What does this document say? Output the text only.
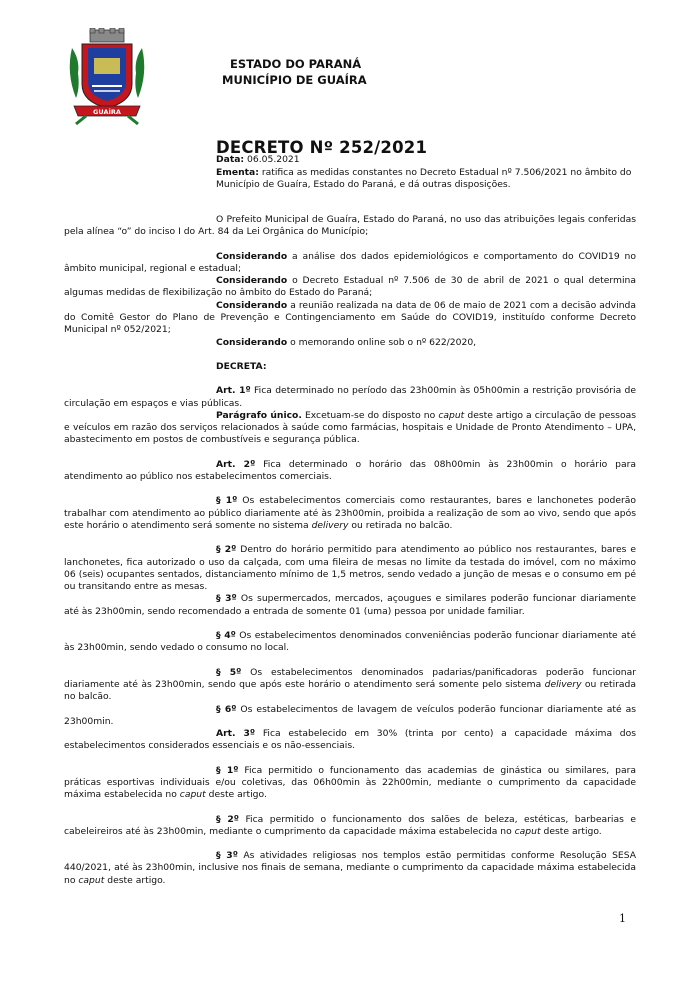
GUAÍRA
ESTADO DO PARANÁ
MUNICÍPIO DE GUAÍRA
DECRETO Nº 252/2021
Data: 06.05.2021
Ementa: ratifica as medidas constantes no Decreto Estadual nº 7.506/2021 no âmbito do Município de Guaíra, Estado do Paraná, e dá outras disposições.

O Prefeito Municipal de Guaíra, Estado do Paraná, no uso das atribuições legais conferidas pela alínea “o” do inciso I do Art. 84 da Lei Orgânica do Município;

Considerando a análise dos dados epidemiológicos e comportamento do COVID19 no âmbito municipal, regional e estadual;

Considerando o Decreto Estadual nº 7.506 de 30 de abril de 2021 o qual determina algumas medidas de flexibilização no âmbito do Estado do Paraná;

Considerando a reunião realizada na data de 06 de maio de 2021 com a decisão advinda do Comitê Gestor do Plano de Prevenção e Contingenciamento em Saúde do COVID19, instituído conforme Decreto Municipal nº 052/2021;

Considerando o memorando online sob o nº 622/2020,

DECRETA:

Art. 1º Fica determinado no período das 23h00min às 05h00min a restrição provisória de circulação em espaços e vias públicas.

Parágrafo único. Excetuam-se do disposto no caput deste artigo a circulação de pessoas e veículos em razão dos serviços relacionados à saúde como farmácias, hospitais e Unidade de Pronto Atendimento – UPA, abastecimento em postos de combustíveis e segurança pública.

Art. 2º Fica determinado o horário das 08h00min às 23h00min o horário para atendimento ao público nos estabelecimentos comerciais.

§ 1º Os estabelecimentos comerciais como restaurantes, bares e lanchonetes poderão trabalhar com atendimento ao público diariamente até às 23h00min, proibida a realização de som ao vivo, sendo que após este horário o atendimento será somente no sistema delivery ou retirada no balcão.

§ 2º Dentro do horário permitido para atendimento ao público nos restaurantes, bares e lanchonetes, fica autorizado o uso da calçada, com uma fileira de mesas no limite da testada do imóvel, com no máximo 06 (seis) ocupantes sentados, distanciamento mínimo de 1,5 metros, sendo vedado a junção de mesas e o consumo em pé ou transitando entre as mesas.

§ 3º Os supermercados, mercados, açougues e similares poderão funcionar diariamente até às 23h00min, sendo recomendado a entrada de somente 01 (uma) pessoa por unidade familiar.

§ 4º Os estabelecimentos denominados conveniências poderão funcionar diariamente até às 23h00min, sendo vedado o consumo no local.

§ 5º Os estabelecimentos denominados padarias/panificadoras poderão funcionar diariamente até às 23h00min, sendo que após este horário o atendimento será somente pelo sistema delivery ou retirada no balcão.

§ 6º Os estabelecimentos de lavagem de veículos poderão funcionar diariamente até as 23h00min.

Art. 3º Fica estabelecido em 30% (trinta por cento) a capacidade máxima dos estabelecimentos considerados essenciais e os não-essenciais.

§ 1º Fica permitido o funcionamento das academias de ginástica ou similares, para práticas esportivas individuais e/ou coletivas, das 06h00min às 22h00min, mediante o cumprimento da capacidade máxima estabelecida no caput deste artigo.

§ 2º Fica permitido o funcionamento dos salões de beleza, estéticas, barbearias e cabeleireiros até às 23h00min, mediante o cumprimento da capacidade máxima estabelecida no caput deste artigo.

§ 3º As atividades religiosas nos templos estão permitidas conforme Resolução SESA 440/2021, até às 23h00min, inclusive nos finais de semana, mediante o cumprimento da capacidade máxima estabelecida no caput deste artigo.

1
